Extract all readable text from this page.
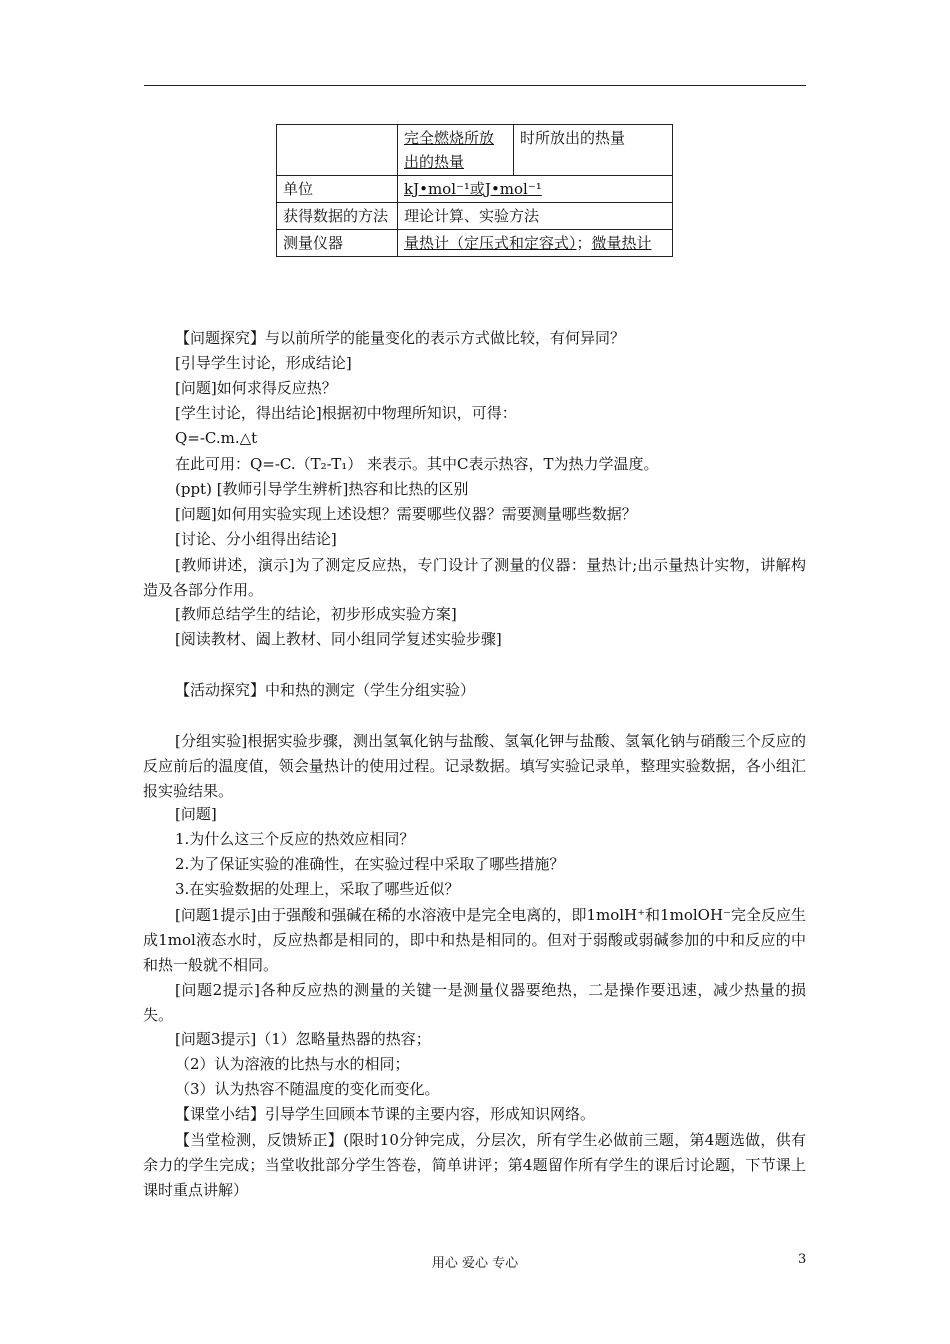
	完全燃烧所放出的热量	时所放出的热量
单位	kJ•mol⁻¹或J•mol⁻¹	
获得数据的方法	理论计算、实验方法	
测量仪器	量热计（定压式和定容式）；微量热计	

【问题探究】与以前所学的能量变化的表示方式做比较，有何异同？

[引导学生讨论，形成结论]

[问题]如何求得反应热？

[学生讨论，得出结论]根据初中物理所知识，可得：

Q=-C.m.△t

在此可用：Q=-C.（T₂-T₁） 来表示。其中C表示热容，T为热力学温度。

(ppt) [教师引导学生辨析]热容和比热的区别

[问题]如何用实验实现上述设想？需要哪些仪器？需要测量哪些数据？

[讨论、分小组得出结论]

[教师讲述，演示]为了测定反应热，专门设计了测量的仪器：量热计;出示量热计实物，讲解构造及各部分作用。

[教师总结学生的结论，初步形成实验方案]

[阅读教材、阖上教材、同小组同学复述实验步骤]

【活动探究】中和热的测定（学生分组实验）

[分组实验]根据实验步骤，测出氢氧化钠与盐酸、氢氧化钾与盐酸、氢氧化钠与硝酸三个反应的反应前后的温度值，领会量热计的使用过程。记录数据。填写实验记录单，整理实验数据，各小组汇报实验结果。

[问题]

1.为什么这三个反应的热效应相同？

2.为了保证实验的准确性，在实验过程中采取了哪些措施？

3.在实验数据的处理上，采取了哪些近似？

[问题1提示]由于强酸和强碱在稀的水溶液中是完全电离的，即1molH⁺和1molOH⁻完全反应生成1mol液态水时，反应热都是相同的，即中和热是相同的。但对于弱酸或弱碱参加的中和反应的中和热一般就不相同。

[问题2提示]各种反应热的测量的关键一是测量仪器要绝热，二是操作要迅速，减少热量的损失。

[问题3提示]（1）忽略量热器的热容；

（2）认为溶液的比热与水的相同；

（3）认为热容不随温度的变化而变化。

【课堂小结】引导学生回顾本节课的主要内容，形成知识网络。

【当堂检测，反馈矫正】(限时10分钟完成，分层次，所有学生必做前三题，第4题选做，供有余力的学生完成；当堂收批部分学生答卷，简单讲评；第4题留作所有学生的课后讨论题，下节课上课时重点讲解）

用心 爱心 专心	3
